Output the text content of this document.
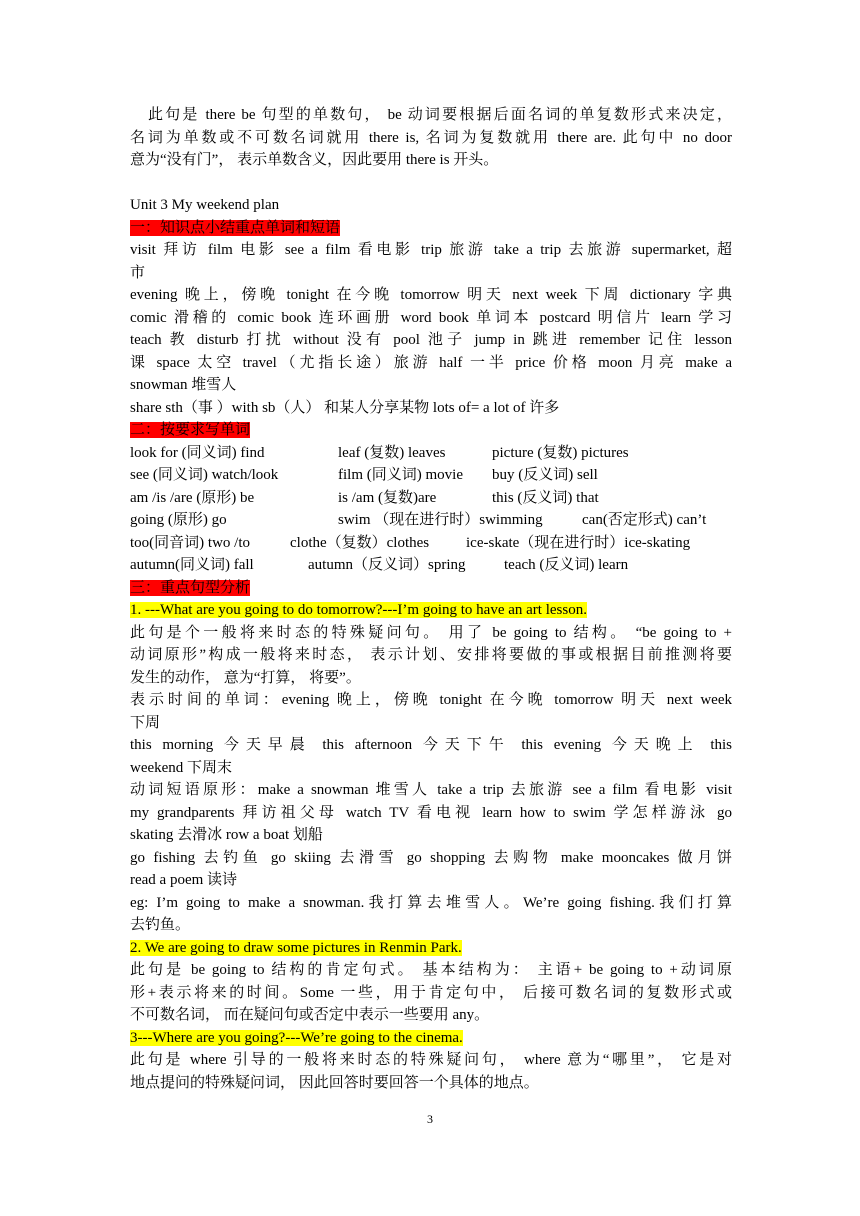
此句是 there be 句型的单数句， be 动词要根据后面名词的单复数形式来决定，
名词为单数或不可数名词就用 there is, 名词为复数就用 there are. 此句中 no door
意为“没有门”， 表示单数含义，因此要用 there is 开头。
Unit 3 My weekend plan
一：知识点小结重点单词和短语
visit 拜访 film 电影 see a film 看电影 trip 旅游 take a trip 去旅游 supermarket, 超
市
evening 晚上，傍晚 tonight 在今晚 tomorrow 明天 next week 下周 dictionary 字典
comic 滑稽的 comic book 连环画册 word book 单词本 postcard 明信片 learn 学习
teach 教 disturb 打扰 without 没有 pool 池子 jump in 跳进 remember 记住 lesson
课 space 太空 travel（尤指长途）旅游 half 一半 price 价格 moon 月亮 make a
snowman 堆雪人
share sth（事 ）with sb（人） 和某人分享某物 lots of= a lot of 许多
二：按要求写单词
look for (同义词) find	leaf (复数) leaves	picture (复数) pictures
see (同义词) watch/look	film (同义词) movie	buy (反义词) sell
am /is /are (原形) be	is /am (复数)are	this (反义词) that
going (原形) go	swim （现在进行时）swimming	can(否定形式) can’t
too(同音词) two /to	clothe（复数）clothes	ice-skate（现在进行时）ice-skating
autumn(同义词) fall	autumn（反义词）spring	teach (反义词) learn
三：重点句型分析
1. ---What are you going to do tomorrow?---I’m going to have an art lesson.
此句是个一般将来时态的特殊疑问句。 用了 be going to 结构。 “be going to +
动词原形”构成一般将来时态， 表示计划、安排将要做的事或根据目前推测将要
发生的动作， 意为“打算， 将要”。
表示时间的单词：evening 晚上，傍晚 tonight 在今晚 tomorrow 明天 next week
下周
this morning 今天早晨 this afternoon 今天下午 this evening 今天晚上 this
weekend 下周末
动词短语原形：make a snowman 堆雪人 take a trip 去旅游 see a film 看电影 visit
my grandparents 拜访祖父母 watch TV 看电视 learn how to swim 学怎样游泳 go
skating 去滑冰 row a boat 划船
go fishing 去钓鱼 go skiing 去滑雪 go shopping 去购物 make mooncakes 做月饼
read a poem 读诗
eg: I’m going to make a snowman.我打算去堆雪人。We’re going fishing.我们打算
去钓鱼。
2. We are going to draw some pictures in Renmin Park.
此句是 be going to 结构的肯定句式。 基本结构为： 主语+ be going to +动词原
形+表示将来的时间。Some 一些，用于肯定句中， 后接可数名词的复数形式或
不可数名词， 而在疑问句或否定中表示一些要用 any。
3---Where are you going?---We’re going to the cinema.
此句是 where 引导的一般将来时态的特殊疑问句， where 意为“哪里”， 它是对
地点提问的特殊疑问词， 因此回答时要回答一个具体的地点。
3
